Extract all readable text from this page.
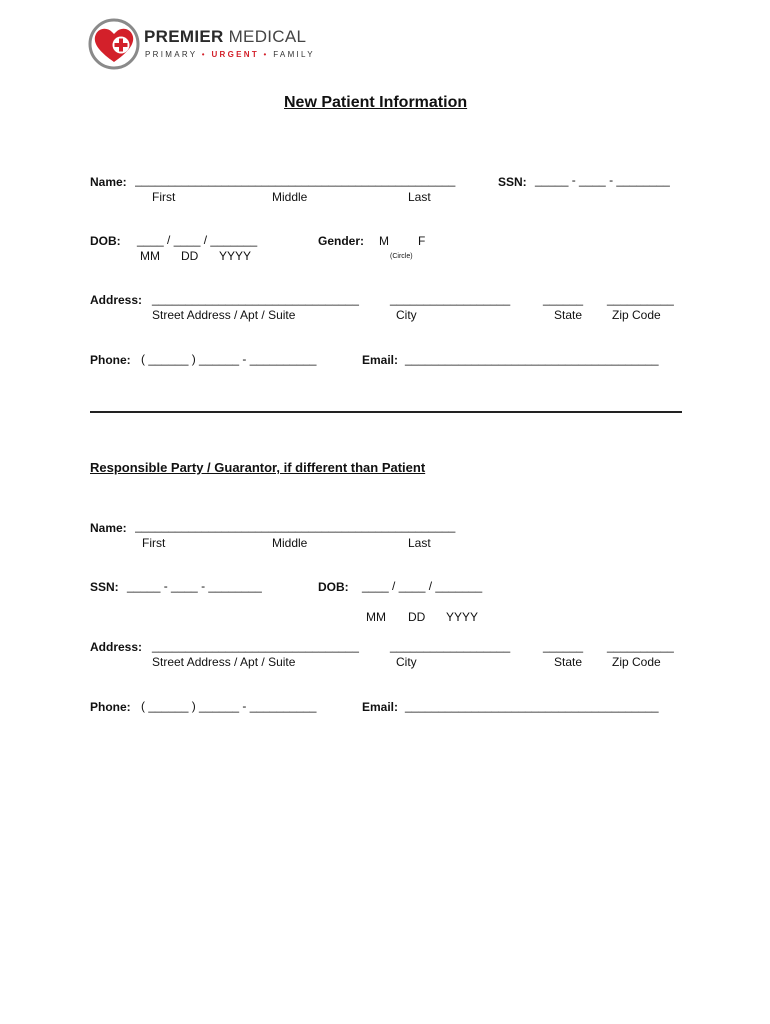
PREMIER MEDICAL
PRIMARY • URGENT • FAMILY
New Patient Information
Name: ________________________________________________	SSN: _____ - ____ - ________
First	Middle	Last
DOB: ____ / ____ / _______
MM DD YYYY
Gender: M F
(Circle)
Address: _______________________________	__________________	______ __________
Street Address / Apt / Suite	City	State Zip Code
Phone: ( ______ ) ______ - __________	Email: ______________________________________
Responsible Party / Guarantor, if different than Patient
Name: ________________________________________________
First	Middle	Last
SSN: _____ - ____ - ________	DOB: ____ / ____ / _______
MM DD YYYY
Address: _______________________________	__________________	______ __________
Street Address / Apt / Suite	City	State Zip Code
Phone: ( ______ ) ______ - __________	Email: ______________________________________
